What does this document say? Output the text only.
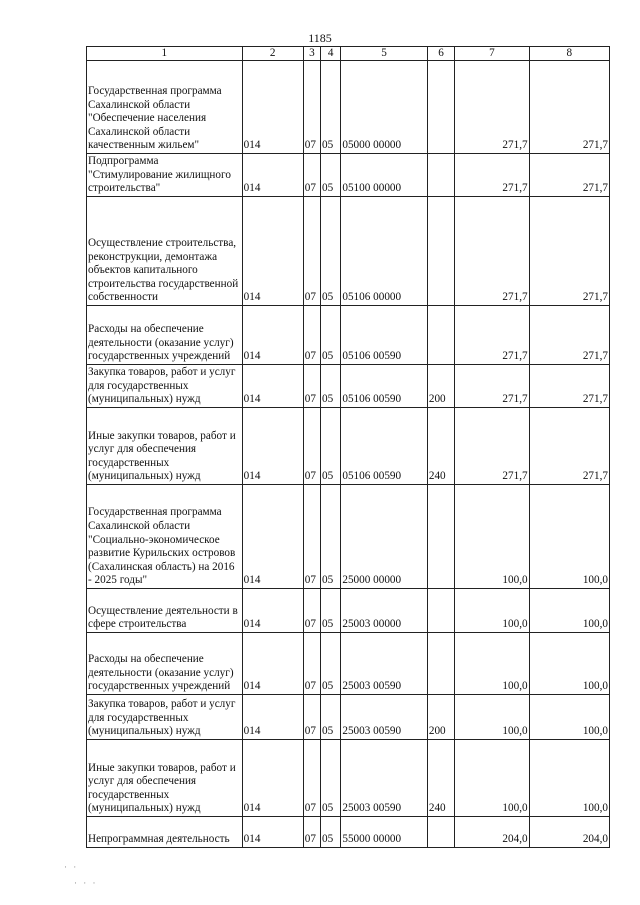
1185
1	2	3	4	5	6	7	8
Государственная программа Сахалинской области "Обеспечение населения Сахалинской области качественным жильем"	014	07	05	05000 00000		271,7	271,7
Подпрограмма "Стимулирование жилищного строительства"	014	07	05	05100 00000		271,7	271,7
Осуществление строительства, реконструкции, демонтажа объектов капитального строительства государственной собственности	014	07	05	05106 00000		271,7	271,7
Расходы на обеспечение деятельности (оказание услуг) государственных учреждений	014	07	05	05106 00590		271,7	271,7
Закупка товаров, работ и услуг для государственных (муниципальных) нужд	014	07	05	05106 00590	200	271,7	271,7
Иные закупки товаров, работ и услуг для обеспечения государственных (муниципальных) нужд	014	07	05	05106 00590	240	271,7	271,7
Государственная программа Сахалинской области "Социально-экономическое развитие Курильских островов (Сахалинская область) на 2016 - 2025 годы"	014	07	05	25000 00000		100,0	100,0
Осуществление деятельности в сфере строительства	014	07	05	25003 00000		100,0	100,0
Расходы на обеспечение деятельности (оказание услуг) государственных учреждений	014	07	05	25003 00590		100,0	100,0
Закупка товаров, работ и услуг для государственных (муниципальных) нужд	014	07	05	25003 00590	200	100,0	100,0
Иные закупки товаров, работ и услуг для обеспечения государственных (муниципальных) нужд	014	07	05	25003 00590	240	100,0	100,0
Непрограммная деятельность	014	07	05	55000 00000		204,0	204,0
· ·
· · ·
